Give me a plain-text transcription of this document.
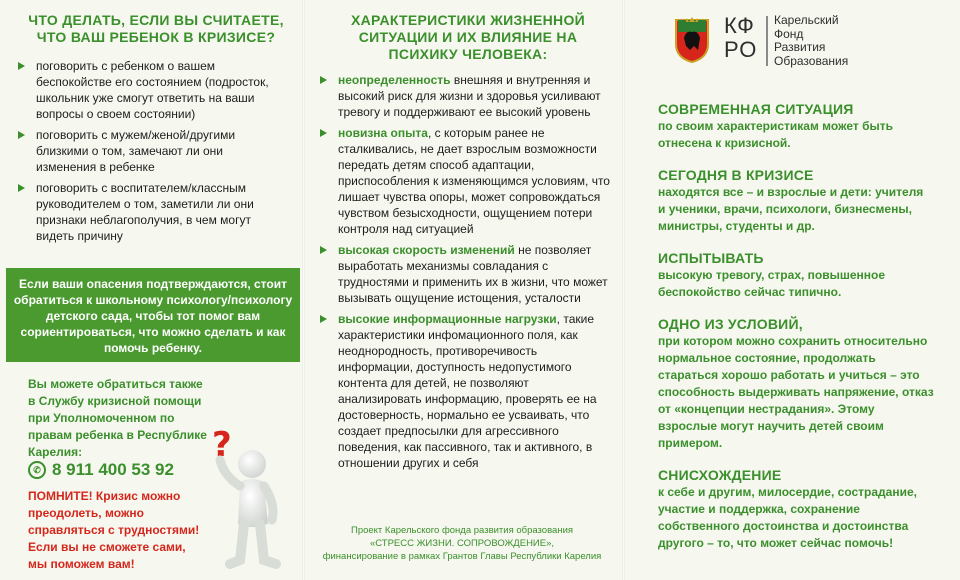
ЧТО ДЕЛАТЬ, ЕСЛИ ВЫ СЧИТАЕТЕ, ЧТО ВАШ РЕБЕНОК В КРИЗИСЕ?
поговорить с ребенком о вашем беспокойстве его состоянием (подросток, школьник уже смогут ответить на ваши вопросы о своем состоянии)
поговорить с мужем/женой/другими близкими о том, замечают ли они изменения в ребенке
поговорить с воспитателем/классным руководителем о том, заметили ли они признаки неблагополучия, в чем могут видеть причину
Если ваши опасения подтверждаются, стоит обратиться к школьному психологу/психологу детского сада, чтобы тот помог вам сориентироваться, что можно сделать и как помочь ребенку.
Вы можете обратиться также в Службу кризисной помощи при Уполномоченном по правам ребенка в Республике Карелия:
✆ 8 911 400 53 92
ПОМНИТЕ! Кризис можно преодолеть, можно справляться с трудностями! Если вы не сможете сами, мы поможем вам!
?
ХАРАКТЕРИСТИКИ ЖИЗНЕННОЙ СИТУАЦИИ И ИХ ВЛИЯНИЕ НА ПСИХИКУ ЧЕЛОВЕКА:
неопределенность внешняя и внутренняя и высокий риск для жизни и здоровья усиливают тревогу и поддерживают ее высокий уровень
новизна опыта, с которым ранее не сталкивались, не дает взрослым возможности передать детям способ адаптации, приспособления к изменяющимся условиям, что лишает чувства опоры, может сопровождаться чувством безысходности, ощущением потери контроля над ситуацией
высокая скорость изменений не позволяет выработать механизмы совладания с трудностями и применить их в жизни, что может вызывать ощущение истощения, усталости
высокие информационные нагрузки, такие характеристики инфомационного поля, как неоднородность, противоречивость информации, доступность недопустимого контента для детей, не позволяют анализировать информацию, проверять ее на достоверность, нормально ее усваивать, что создает предпосылки для агрессивного поведения, как пассивного, так и активного, в отношении других и себя
Проект Карельского фонда развития образования
«СТРЕСС ЖИЗНИ. СОПРОВОЖДЕНИЕ»,
финансирование в рамках Грантов Главы Республики Карелия
КФ РО
Карельский
Фонд
Развития
Образования
СОВРЕМЕННАЯ СИТУАЦИЯ
по своим характеристикам может быть отнесена к кризисной.
СЕГОДНЯ В КРИЗИСЕ
находятся все – и взрослые и дети: учителя и ученики, врачи, психологи, бизнесмены, министры, студенты и др.
ИСПЫТЫВАТЬ
высокую тревогу, страх, повышенное беспокойство сейчас типично.
ОДНО ИЗ УСЛОВИЙ,
при котором можно сохранить относительно нормальное состояние, продолжать стараться хорошо работать и учиться – это способность выдерживать напряжение, отказ от «концепции нестрадания». Этому взрослые могут научить детей своим примером.
СНИСХОЖДЕНИЕ
к себе и другим, милосердие, сострадание, участие и поддержка, сохранение собственного достоинства и достоинства другого – то, что может сейчас помочь!
